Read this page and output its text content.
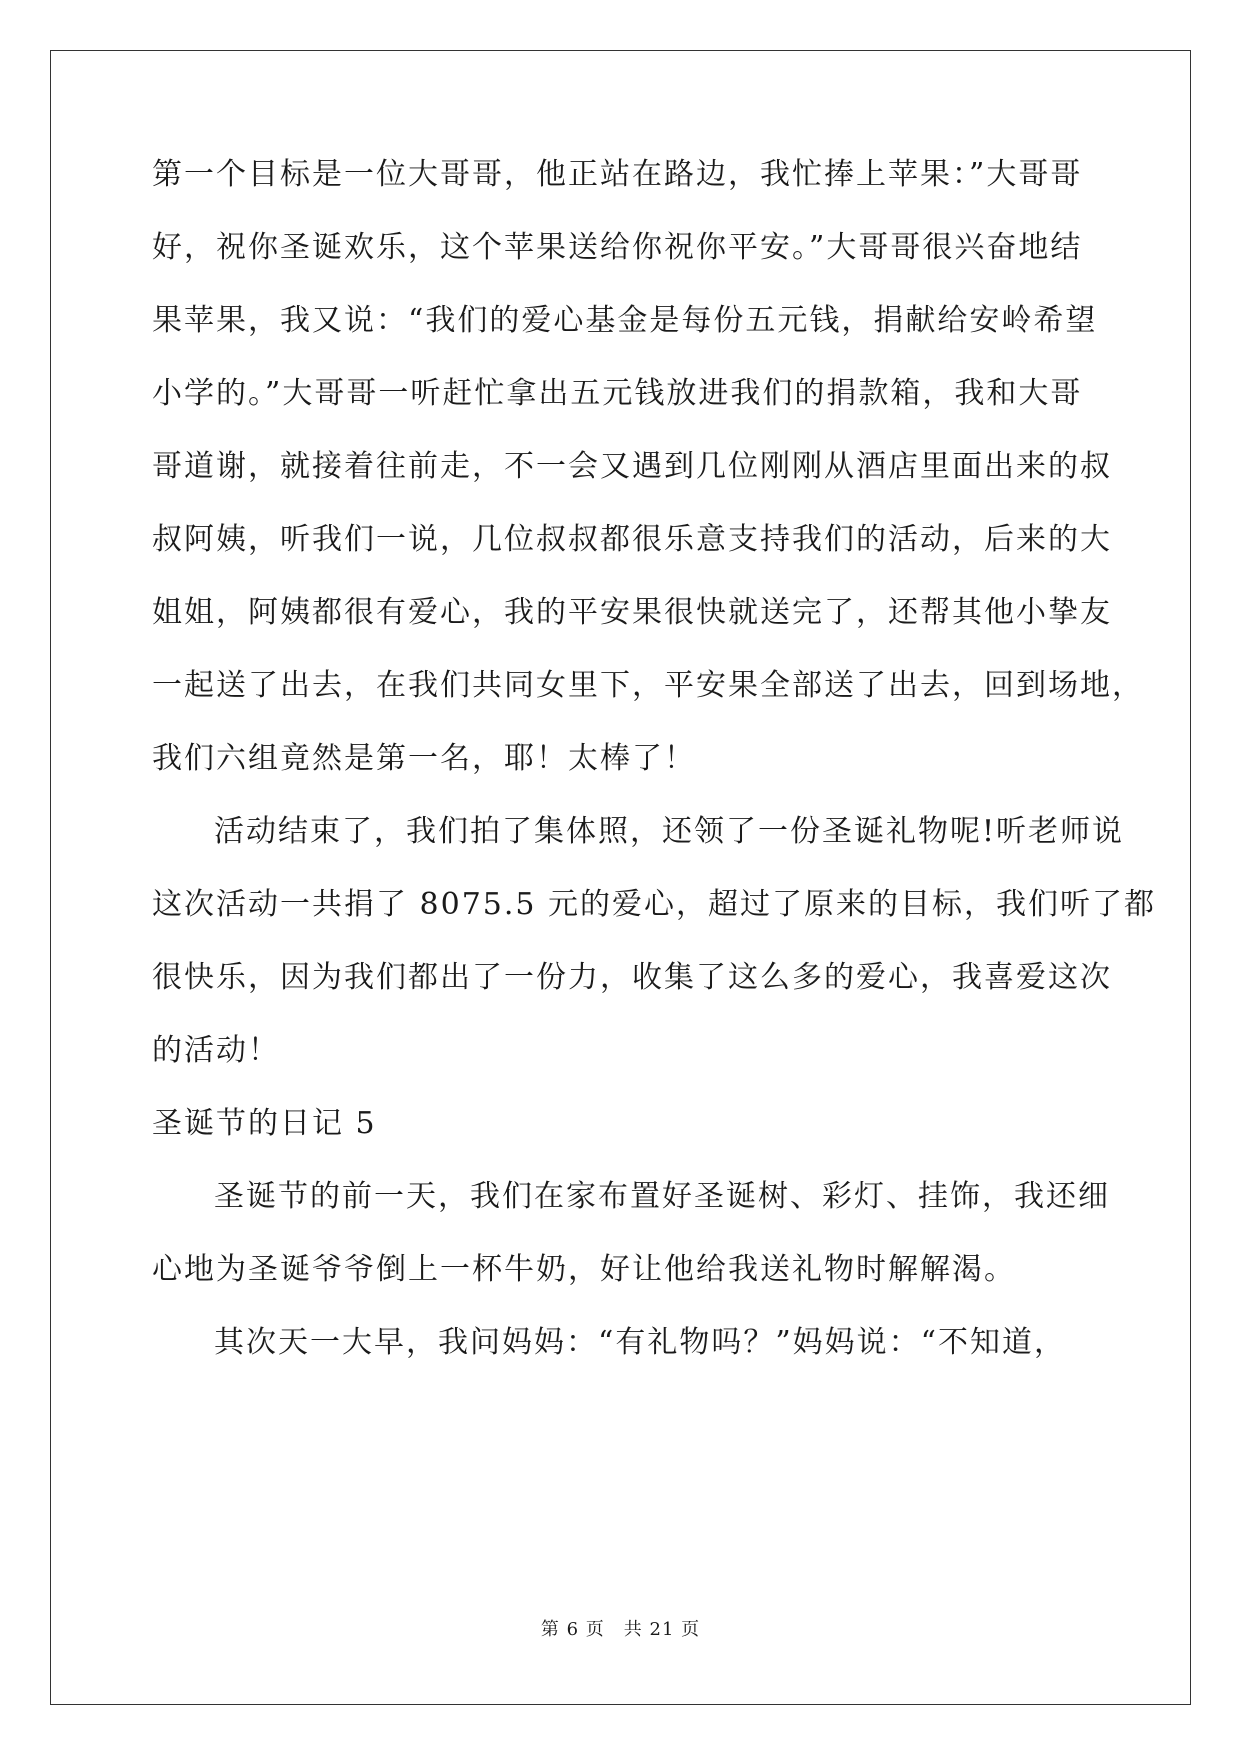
第一个目标是一位大哥哥，他正站在路边，我忙捧上苹果：”大哥哥
好，祝你圣诞欢乐，这个苹果送给你祝你平安。”大哥哥很兴奋地结
果苹果，我又说：“我们的爱心基金是每份五元钱，捐献给安岭希望
小学的。”大哥哥一听赶忙拿出五元钱放进我们的捐款箱，我和大哥
哥道谢，就接着往前走，不一会又遇到几位刚刚从酒店里面出来的叔
叔阿姨，听我们一说，几位叔叔都很乐意支持我们的活动，后来的大
姐姐，阿姨都很有爱心，我的平安果很快就送完了，还帮其他小挚友
一起送了出去，在我们共同女里下，平安果全部送了出去，回到场地，
我们六组竟然是第一名，耶！太棒了！
活动结束了，我们拍了集体照，还领了一份圣诞礼物呢!听老师说
这次活动一共捐了 8075.5 元的爱心，超过了原来的目标，我们听了都
很快乐，因为我们都出了一份力，收集了这么多的爱心，我喜爱这次
的活动！
圣诞节的日记 5
圣诞节的前一天，我们在家布置好圣诞树、彩灯、挂饰，我还细
心地为圣诞爷爷倒上一杯牛奶，好让他给我送礼物时解解渴。
其次天一大早，我问妈妈：“有礼物吗？”妈妈说：“不知道，
第 6 页　共 21 页
